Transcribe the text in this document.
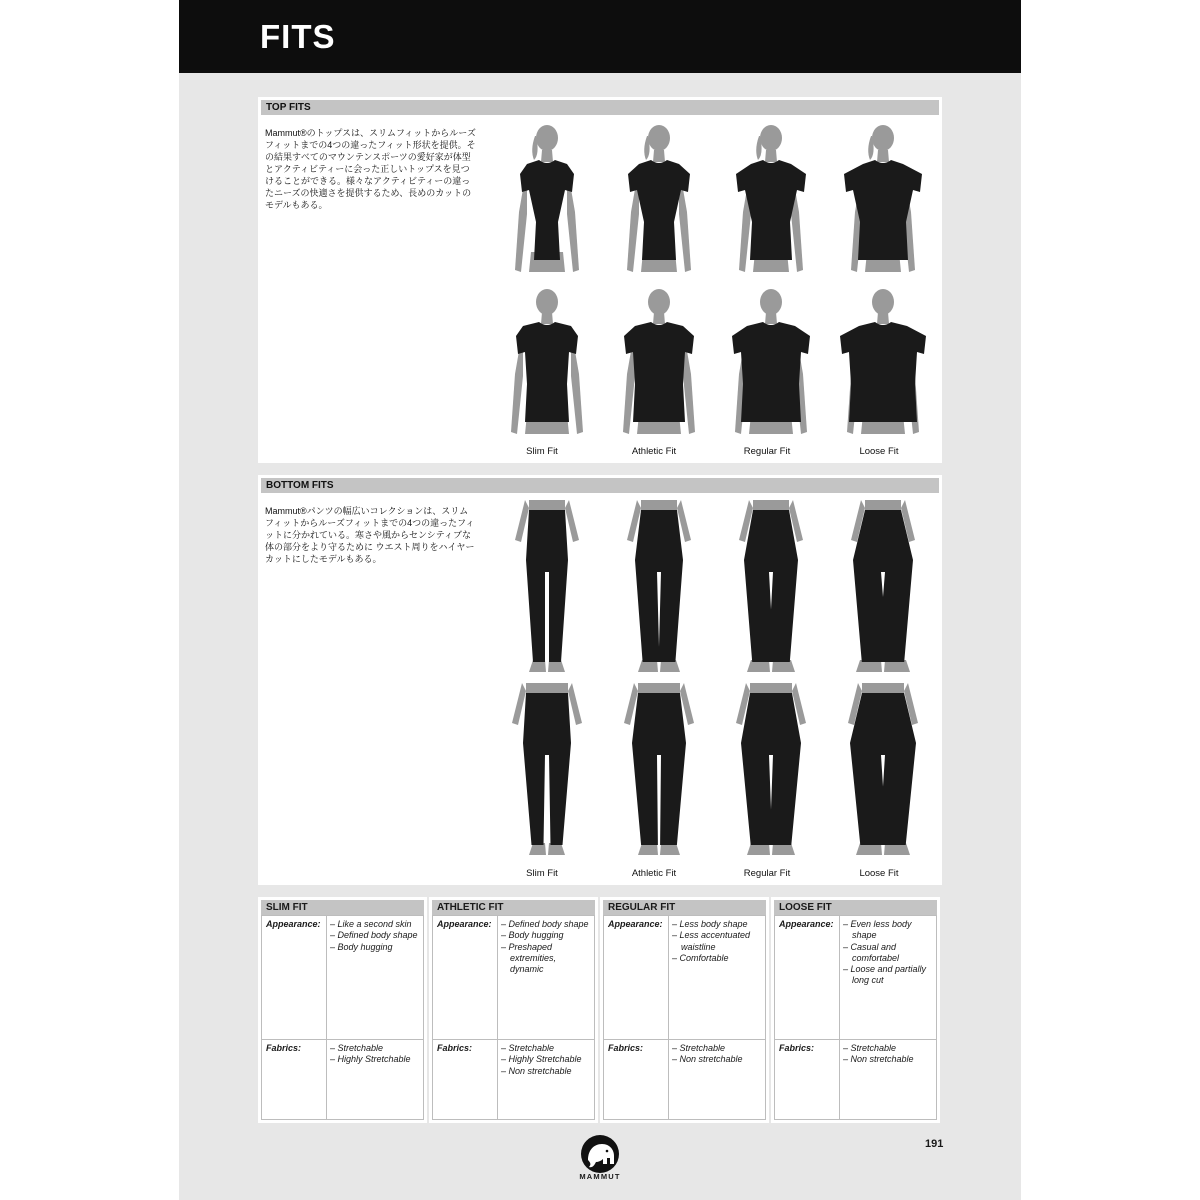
FITS
TOP FITS
Mammut®のトップスは、スリムフィットからルーズフィットまでの4つの違ったフィット形状を提供。その結果すべてのマウンテンスポーツの愛好家が体型とアクティビティーに会った正しいトップスを見つけることができる。様々なアクティビティーの違ったニーズの快適さを提供するため、長めのカットのモデルもある。
Slim Fit	Athletic Fit	Regular Fit	Loose Fit
BOTTOM FITS
Mammut®パンツの幅広いコレクションは、スリムフィットからルーズフィットまでの4つの違ったフィットに分かれている。寒さや風からセンシティブな体の部分をより守るために ウエスト周りをハイヤーカットにしたモデルもある。
Slim Fit	Athletic Fit	Regular Fit	Loose Fit
SLIM FIT
Appearance: – Like a second skin
– Defined body shape
– Body hugging
Fabrics:	– Stretchable
– Highly Stretchable
ATHLETIC FIT
Appearance: – Defined body shape
– Body hugging
– Preshaped extremities, dynamic
Fabrics:	– Stretchable
– Highly Stretchable
– Non stretchable
REGULAR FIT
Appearance: – Less body shape
– Less accentuated waistline
– Comfortable
Fabrics:	– Stretchable
– Non stretchable
LOOSE FIT
Appearance: – Even less body shape
– Casual and comfortabel
– Loose and partially long cut
Fabrics:	– Stretchable
– Non stretchable
MAMMUT
191
